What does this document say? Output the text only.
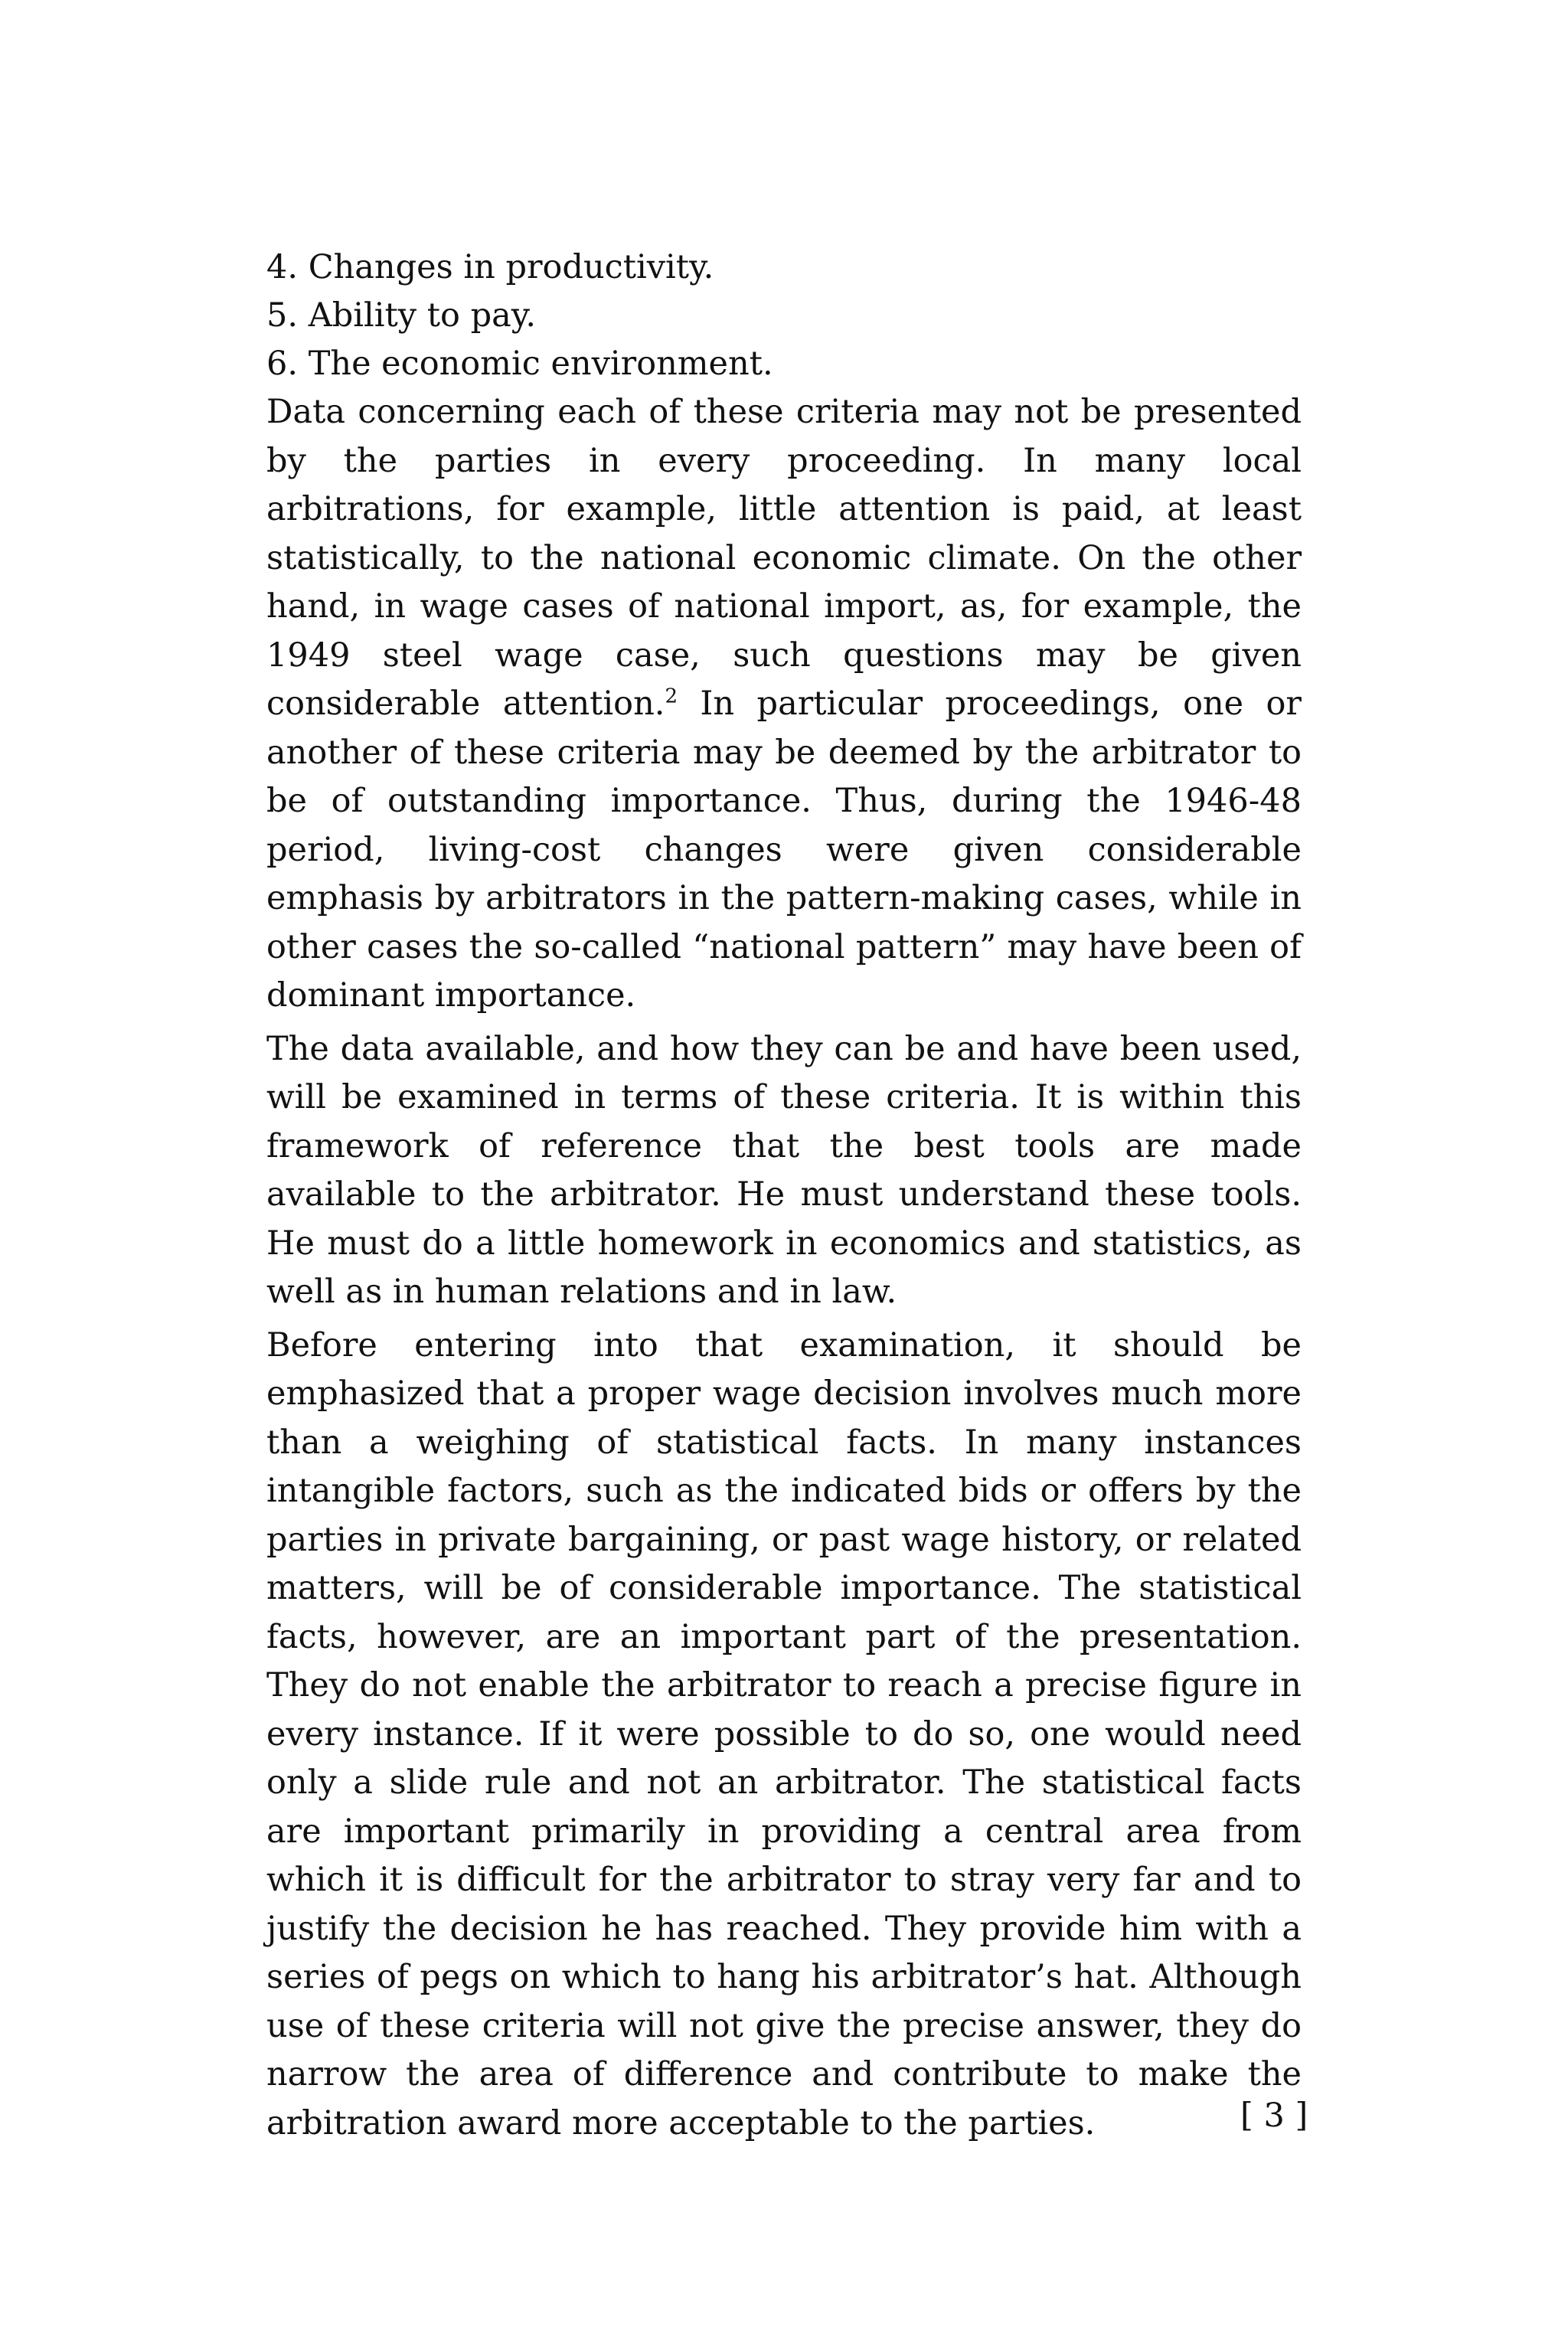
4. Changes in productivity.

5. Ability to pay.

6. The economic environment.

Data concerning each of these criteria may not be presented by the parties in every proceeding. In many local arbitrations, for example, little attention is paid, at least statistically, to the national economic climate. On the other hand, in wage cases of national import, as, for example, the 1949 steel wage case, such questions may be given considerable attention.$^2$ In particular proceedings, one or another of these criteria may be deemed by the arbitrator to be of outstanding importance. Thus, during the 1946-48 period, living-cost changes were given considerable emphasis by arbitrators in the pattern-making cases, while in other cases the so-called “national pattern” may have been of dominant importance.

The data available, and how they can be and have been used, will be examined in terms of these criteria. It is within this framework of reference that the best tools are made available to the arbitrator. He must understand these tools. He must do a little homework in economics and statistics, as well as in human relations and in law.

Before entering into that examination, it should be emphasized that a proper wage decision involves much more than a weighing of statistical facts. In many instances intangible factors, such as the indicated bids or offers by the parties in private bargaining, or past wage history, or related matters, will be of considerable importance. The statistical facts, however, are an important part of the presentation. They do not enable the arbitrator to reach a precise figure in every instance. If it were possible to do so, one would need only a slide rule and not an arbitrator. The statistical facts are important primarily in providing a central area from which it is difficult for the arbitrator to stray very far and to justify the decision he has reached. They provide him with a series of pegs on which to hang his arbitrator’s hat. Although use of these criteria will not give the precise answer, they do narrow the area of difference and contribute to make the arbitration award more acceptable to the parties.	[ 3 ]
